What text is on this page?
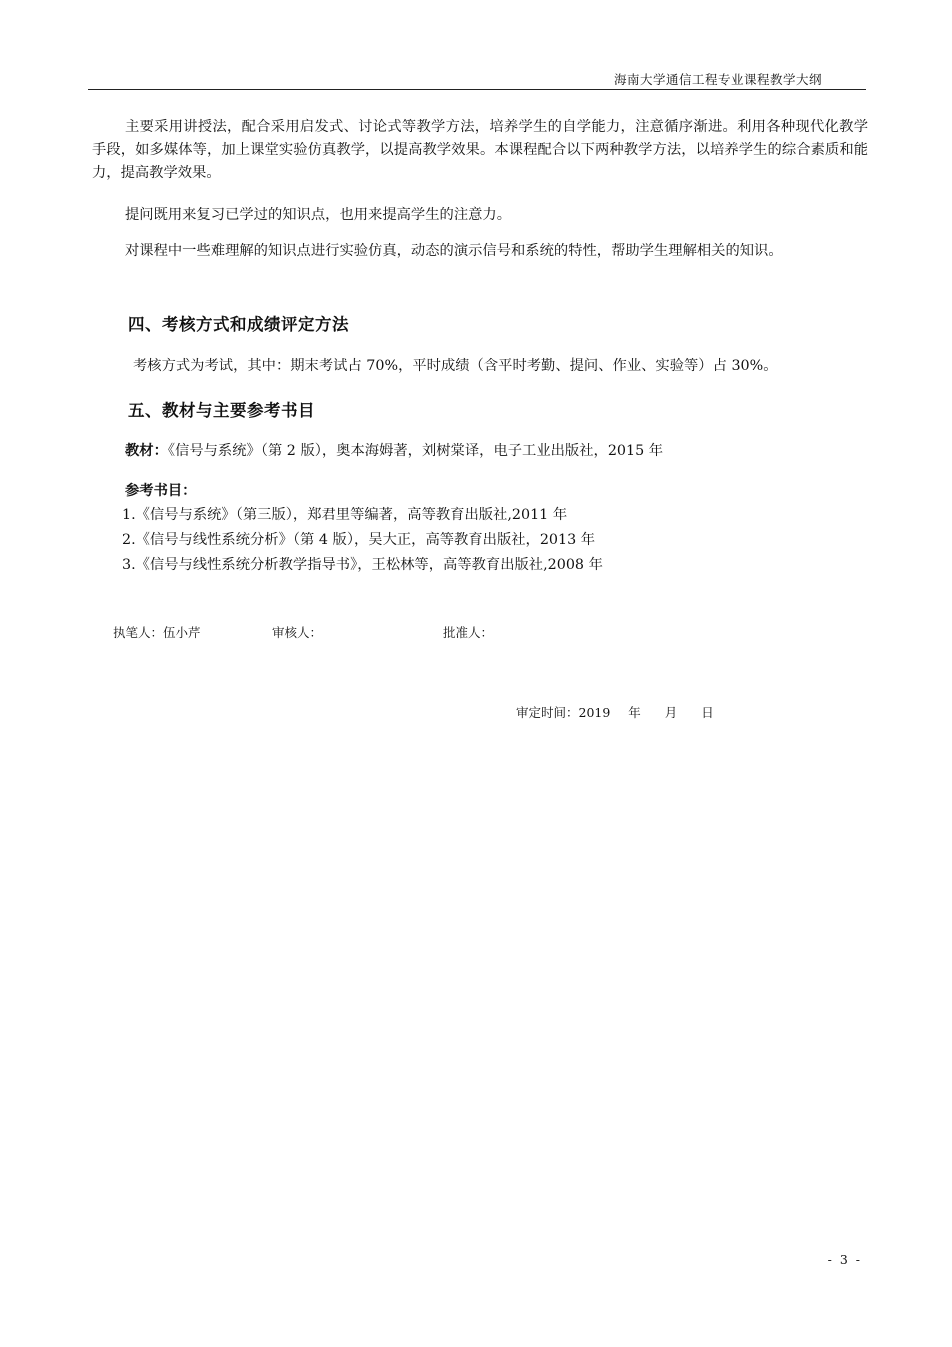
海南大学通信工程专业课程教学大纲

主要采用讲授法，配合采用启发式、讨论式等教学方法，培养学生的自学能力，注意循序渐进。利用各种现代化教学手段，如多媒体等，加上课堂实验仿真教学，以提高教学效果。本课程配合以下两种教学方法，以培养学生的综合素质和能力，提高教学效果。

提问既用来复习已学过的知识点，也用来提高学生的注意力。

对课程中一些难理解的知识点进行实验仿真，动态的演示信号和系统的特性，帮助学生理解相关的知识。

四、考核方式和成绩评定方法
考核方式为考试，其中：期末考试占 70%，平时成绩（含平时考勤、提问、作业、实验等）占 30%。
五、教材与主要参考书目
教材：《信号与系统》（第 2 版），奥本海姆著，刘树棠译，电子工业出版社，2015 年
参考书目：
1.《信号与系统》（第三版），郑君里等编著，高等教育出版社,2011 年
2.《信号与线性系统分析》（第 4 版），吴大正，高等教育出版社，2013 年
3.《信号与线性系统分析教学指导书》，王松林等，高等教育出版社,2008 年
执笔人：伍小芹	审核人：	批准人：
审定时间：2019 年 月 日
- 3 -
